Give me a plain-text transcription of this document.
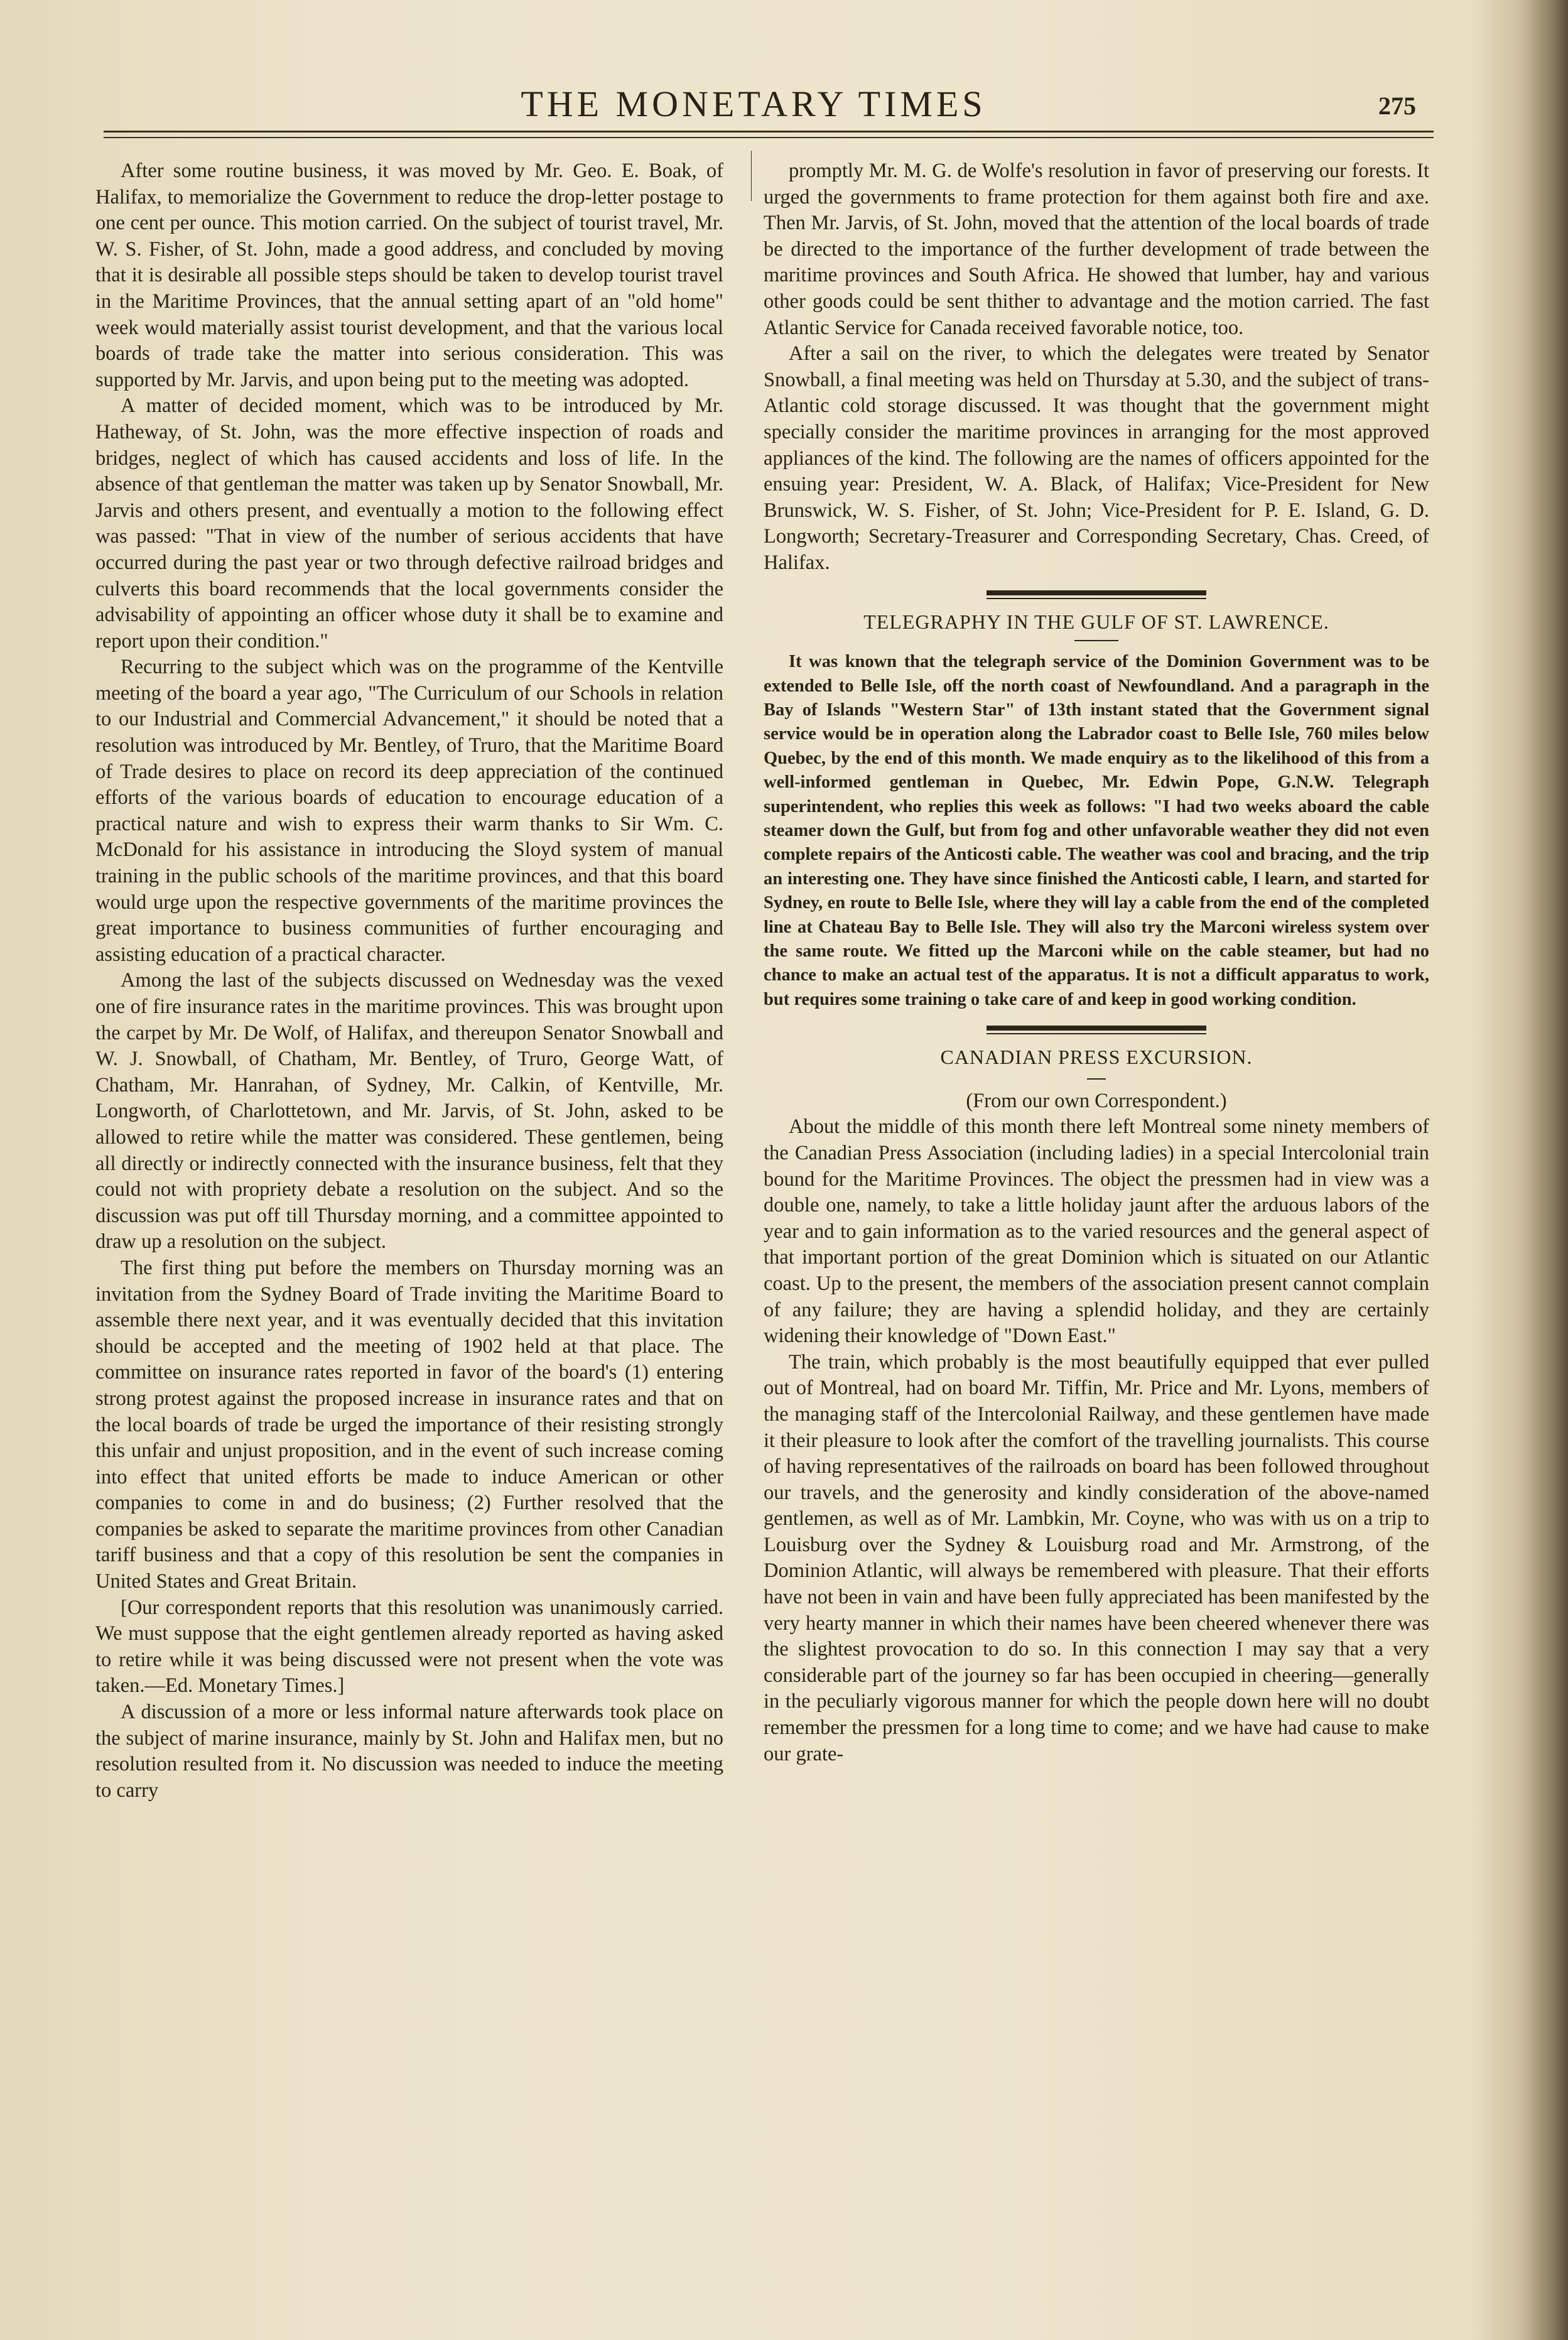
THE MONETARY TIMES	275

After some routine business, it was moved by Mr. Geo. E. Boak, of Halifax, to memorialize the Government to reduce the drop-letter postage to one cent per ounce. This motion carried. On the subject of tourist travel, Mr. W. S. Fisher, of St. John, made a good address, and concluded by moving that it is desirable all possible steps should be taken to develop tourist travel in the Maritime Provinces, that the annual setting apart of an "old home" week would materially assist tourist development, and that the various local boards of trade take the matter into serious consideration. This was supported by Mr. Jarvis, and upon being put to the meeting was adopted.

A matter of decided moment, which was to be introduced by Mr. Hatheway, of St. John, was the more effective inspection of roads and bridges, neglect of which has caused accidents and loss of life. In the absence of that gentleman the matter was taken up by Senator Snowball, Mr. Jarvis and others present, and eventually a motion to the following effect was passed: "That in view of the number of serious accidents that have occurred during the past year or two through defective railroad bridges and culverts this board recommends that the local governments consider the advisability of appointing an officer whose duty it shall be to examine and report upon their condition."

Recurring to the subject which was on the programme of the Kentville meeting of the board a year ago, "The Curriculum of our Schools in relation to our Industrial and Commercial Advancement," it should be noted that a resolution was introduced by Mr. Bentley, of Truro, that the Maritime Board of Trade desires to place on record its deep appreciation of the continued efforts of the various boards of education to encourage education of a practical nature and wish to express their warm thanks to Sir Wm. C. McDonald for his assistance in introducing the Sloyd system of manual training in the public schools of the maritime provinces, and that this board would urge upon the respective governments of the maritime provinces the great importance to business communities of further encouraging and assisting education of a practical character.

Among the last of the subjects discussed on Wednesday was the vexed one of fire insurance rates in the maritime provinces. This was brought upon the carpet by Mr. De Wolf, of Halifax, and thereupon Senator Snowball and W. J. Snowball, of Chatham, Mr. Bentley, of Truro, George Watt, of Chatham, Mr. Hanrahan, of Sydney, Mr. Calkin, of Kentville, Mr. Longworth, of Charlottetown, and Mr. Jarvis, of St. John, asked to be allowed to retire while the matter was considered. These gentlemen, being all directly or indirectly connected with the insurance business, felt that they could not with propriety debate a resolution on the subject. And so the discussion was put off till Thursday morning, and a committee appointed to draw up a resolution on the subject.

The first thing put before the members on Thursday morning was an invitation from the Sydney Board of Trade inviting the Maritime Board to assemble there next year, and it was eventually decided that this invitation should be accepted and the meeting of 1902 held at that place. The committee on insurance rates reported in favor of the board's (1) entering strong protest against the proposed increase in insurance rates and that on the local boards of trade be urged the importance of their resisting strongly this unfair and unjust proposition, and in the event of such increase coming into effect that united efforts be made to induce American or other companies to come in and do business; (2) Further resolved that the companies be asked to separate the maritime provinces from other Canadian tariff business and that a copy of this resolution be sent the companies in United States and Great Britain.

[Our correspondent reports that this resolution was unanimously carried. We must suppose that the eight gentlemen already reported as having asked to retire while it was being discussed were not present when the vote was taken.—Ed. Monetary Times.]

A discussion of a more or less informal nature afterwards took place on the subject of marine insurance, mainly by St. John and Halifax men, but no resolution resulted from it. No discussion was needed to induce the meeting to carry

promptly Mr. M. G. de Wolfe's resolution in favor of preserving our forests. It urged the governments to frame protection for them against both fire and axe. Then Mr. Jarvis, of St. John, moved that the attention of the local boards of trade be directed to the importance of the further development of trade between the maritime provinces and South Africa. He showed that lumber, hay and various other goods could be sent thither to advantage and the motion carried. The fast Atlantic Service for Canada received favorable notice, too.

After a sail on the river, to which the delegates were treated by Senator Snowball, a final meeting was held on Thursday at 5.30, and the subject of trans-Atlantic cold storage discussed. It was thought that the government might specially consider the maritime provinces in arranging for the most approved appliances of the kind. The following are the names of officers appointed for the ensuing year: President, W. A. Black, of Halifax; Vice-President for New Brunswick, W. S. Fisher, of St. John; Vice-President for P. E. Island, G. D. Longworth; Secretary-Treasurer and Corresponding Secretary, Chas. Creed, of Halifax.

TELEGRAPHY IN THE GULF OF ST. LAWRENCE.

It was known that the telegraph service of the Dominion Government was to be extended to Belle Isle, off the north coast of Newfoundland. And a paragraph in the Bay of Islands "Western Star" of 13th instant stated that the Government signal service would be in operation along the Labrador coast to Belle Isle, 760 miles below Quebec, by the end of this month. We made enquiry as to the likelihood of this from a well-informed gentleman in Quebec, Mr. Edwin Pope, G.N.W. Telegraph superintendent, who replies this week as follows: "I had two weeks aboard the cable steamer down the Gulf, but from fog and other unfavorable weather they did not even complete repairs of the Anticosti cable. The weather was cool and bracing, and the trip an interesting one. They have since finished the Anticosti cable, I learn, and started for Sydney, en route to Belle Isle, where they will lay a cable from the end of the completed line at Chateau Bay to Belle Isle. They will also try the Marconi wireless system over the same route. We fitted up the Marconi while on the cable steamer, but had no chance to make an actual test of the apparatus. It is not a difficult apparatus to work, but requires some training o take care of and keep in good working condition.

CANADIAN PRESS EXCURSION.

(From our own Correspondent.)

About the middle of this month there left Montreal some ninety members of the Canadian Press Association (including ladies) in a special Intercolonial train bound for the Maritime Provinces. The object the pressmen had in view was a double one, namely, to take a little holiday jaunt after the arduous labors of the year and to gain information as to the varied resources and the general aspect of that important portion of the great Dominion which is situated on our Atlantic coast. Up to the present, the members of the association present cannot complain of any failure; they are having a splendid holiday, and they are certainly widening their knowledge of "Down East."

The train, which probably is the most beautifully equipped that ever pulled out of Montreal, had on board Mr. Tiffin, Mr. Price and Mr. Lyons, members of the managing staff of the Intercolonial Railway, and these gentlemen have made it their pleasure to look after the comfort of the travelling journalists. This course of having representatives of the railroads on board has been followed throughout our travels, and the generosity and kindly consideration of the above-named gentlemen, as well as of Mr. Lambkin, Mr. Coyne, who was with us on a trip to Louisburg over the Sydney & Louisburg road and Mr. Armstrong, of the Dominion Atlantic, will always be remembered with pleasure. That their efforts have not been in vain and have been fully appreciated has been manifested by the very hearty manner in which their names have been cheered whenever there was the slightest provocation to do so. In this connection I may say that a very considerable part of the journey so far has been occupied in cheering—generally in the peculiarly vigorous manner for which the people down here will no doubt remember the pressmen for a long time to come; and we have had cause to make our grate-
